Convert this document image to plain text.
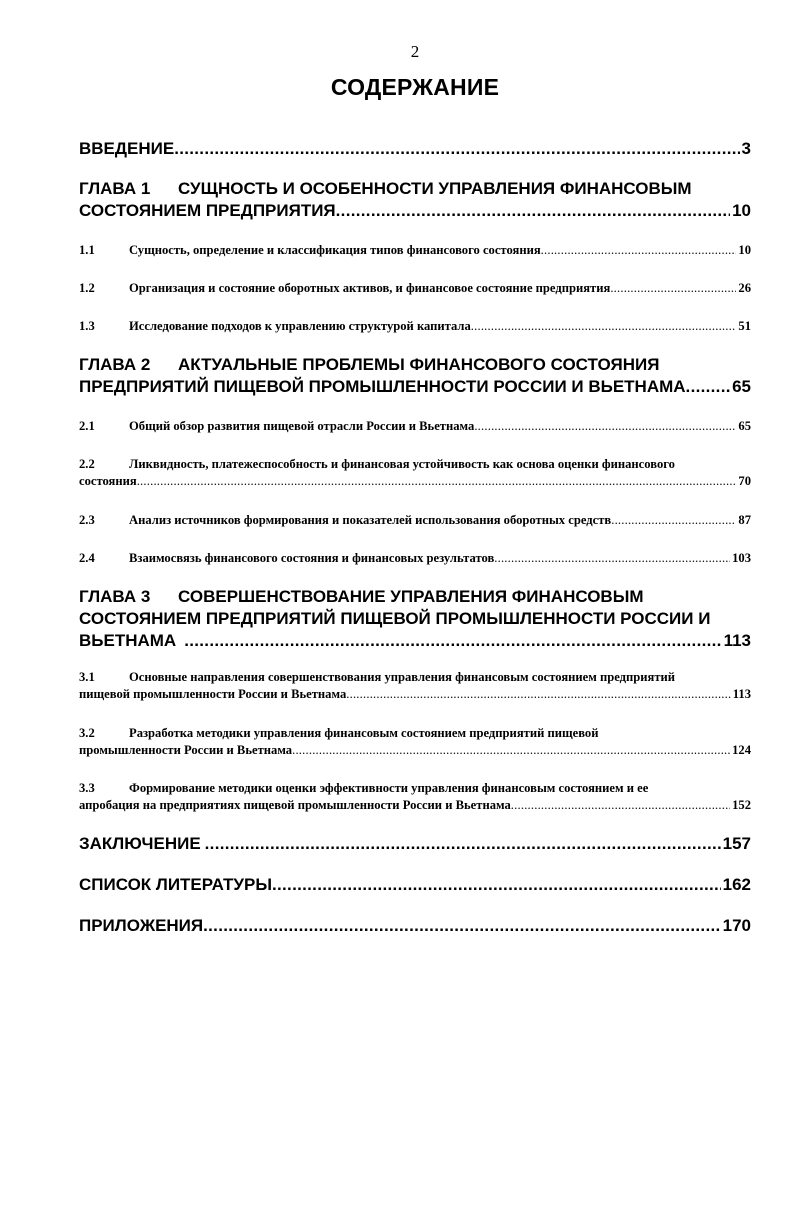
2
СОДЕРЖАНИЕ
ВВЕДЕНИЕ .....	3
ГЛАВА 1	СУЩНОСТЬ И ОСОБЕННОСТИ УПРАВЛЕНИЯ ФИНАНСОВЫМ
СОСТОЯНИЕМ ПРЕДПРИЯТИЯ .....	10
1.1	Сущность, определение и классификация типов финансового состояния .....	10
1.2	Организация и состояние оборотных активов, и финансовое состояние предприятия .....	26
1.3	Исследование подходов к управлению структурой капитала .....	51
ГЛАВА 2	АКТУАЛЬНЫЕ ПРОБЛЕМЫ ФИНАНСОВОГО СОСТОЯНИЯ
ПРЕДПРИЯТИЙ ПИЩЕВОЙ ПРОМЫШЛЕННОСТИ РОССИИ И ВЬЕТНАМА .....	65
2.1	Общий обзор развития пищевой отрасли России и Вьетнама .....	65
2.2	Ликвидность, платежеспособность и финансовая устойчивость как основа оценки финансового
состояния .....	70
2.3	Анализ источников формирования и показателей использования оборотных средств .....	87
2.4	Взаимосвязь финансового состояния и финансовых результатов .....	103
ГЛАВА 3	СОВЕРШЕНСТВОВАНИЕ УПРАВЛЕНИЯ ФИНАНСОВЫМ
СОСТОЯНИЕМ ПРЕДПРИЯТИЙ ПИЩЕВОЙ ПРОМЫШЛЕННОСТИ РОССИИ И
ВЬЕТНАМА .....	113
3.1	Основные направления совершенствования управления финансовым состоянием предприятий
пищевой промышленности России и Вьетнама .....	113
3.2	Разработка методики управления финансовым состоянием предприятий пищевой
промышленности России и Вьетнама .....	124
3.3	Формирование методики оценки эффективности управления финансовым состоянием и ее
апробация на предприятиях пищевой промышленности России и Вьетнама .....	152
ЗАКЛЮЧЕНИЕ .....	157
СПИСОК ЛИТЕРАТУРЫ .....	162
ПРИЛОЖЕНИЯ .....	170
